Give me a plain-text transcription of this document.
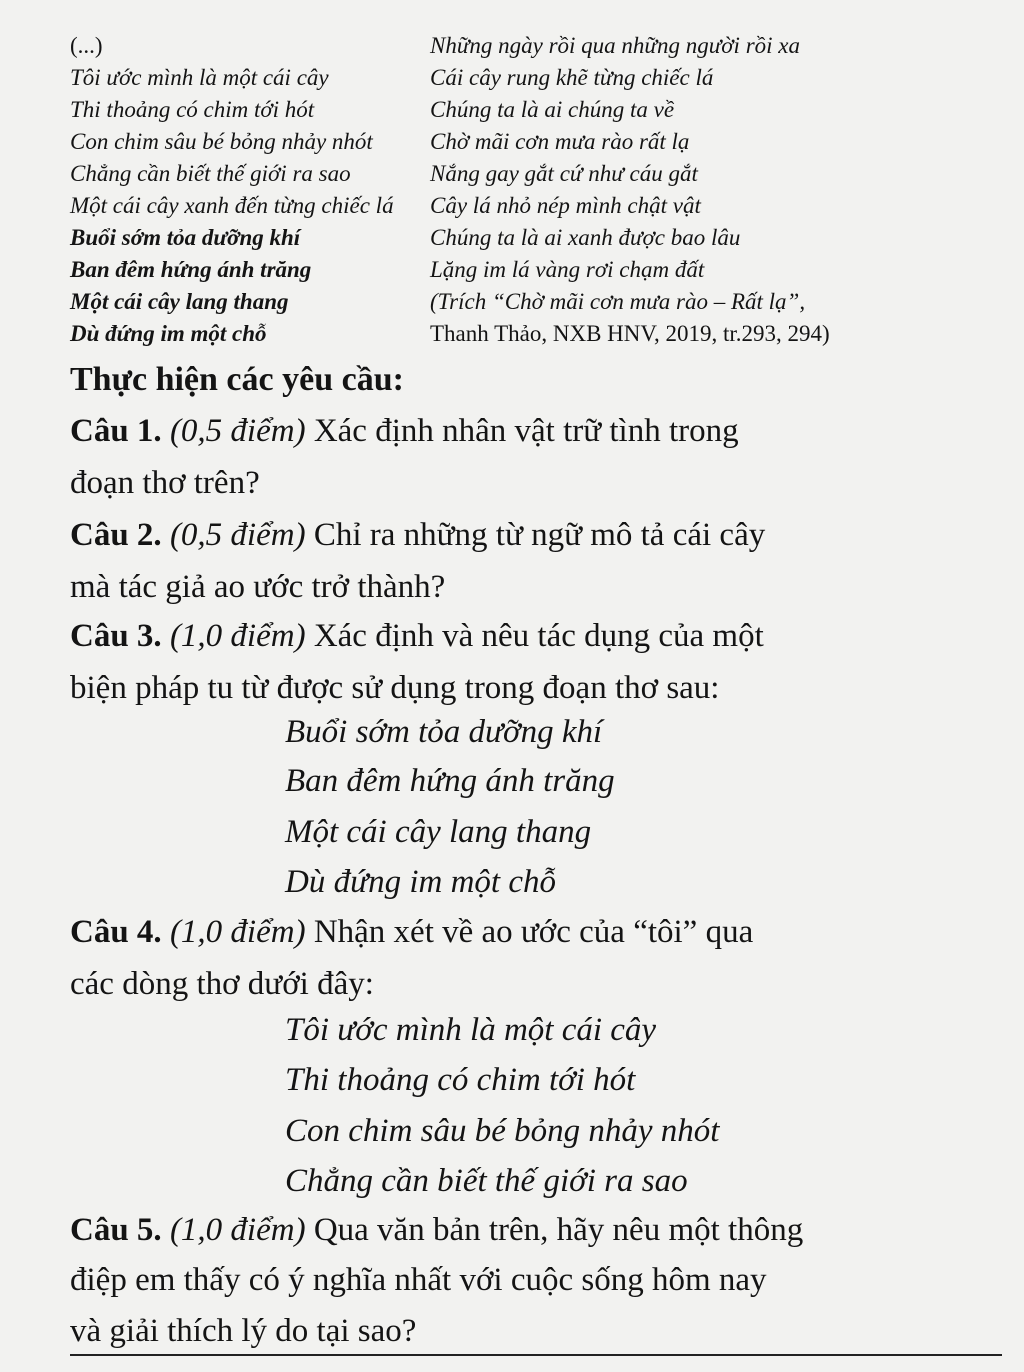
(...)
Tôi ước mình là một cái cây
Thi thoảng có chim tới hót
Con chim sâu bé bỏng nhảy nhót
Chẳng cần biết thế giới ra sao
Một cái cây xanh đến từng chiếc lá
Buổi sớm tỏa dưỡng khí
Ban đêm hứng ánh trăng
Một cái cây lang thang
Dù đứng im một chỗ
Những ngày rồi qua những người rồi xa
Cái cây rung khẽ từng chiếc lá
Chúng ta là ai chúng ta về
Chờ mãi cơn mưa rào rất lạ
Nắng gay gắt cứ như cáu gắt
Cây lá nhỏ nép mình chật vật
Chúng ta là ai xanh được bao lâu
Lặng im lá vàng rơi chạm đất
(Trích “Chờ mãi cơn mưa rào – Rất lạ”,
Thanh Thảo, NXB HNV, 2019, tr.293, 294)
Thực hiện các yêu cầu:
Câu 1. (0,5 điểm) Xác định nhân vật trữ tình trong
đoạn thơ trên?
Câu 2. (0,5 điểm) Chỉ ra những từ ngữ mô tả cái cây
mà tác giả ao ước trở thành?
Câu 3. (1,0 điểm) Xác định và nêu tác dụng của một
biện pháp tu từ được sử dụng trong đoạn thơ sau:
Buổi sớm tỏa dưỡng khí
Ban đêm hứng ánh trăng
Một cái cây lang thang
Dù đứng im một chỗ
Câu 4. (1,0 điểm) Nhận xét về ao ước của “tôi” qua
các dòng thơ dưới đây:
Tôi ước mình là một cái cây
Thi thoảng có chim tới hót
Con chim sâu bé bỏng nhảy nhót
Chẳng cần biết thế giới ra sao
Câu 5. (1,0 điểm) Qua văn bản trên, hãy nêu một thông
điệp em thấy có ý nghĩa nhất với cuộc sống hôm nay
và giải thích lý do tại sao?
